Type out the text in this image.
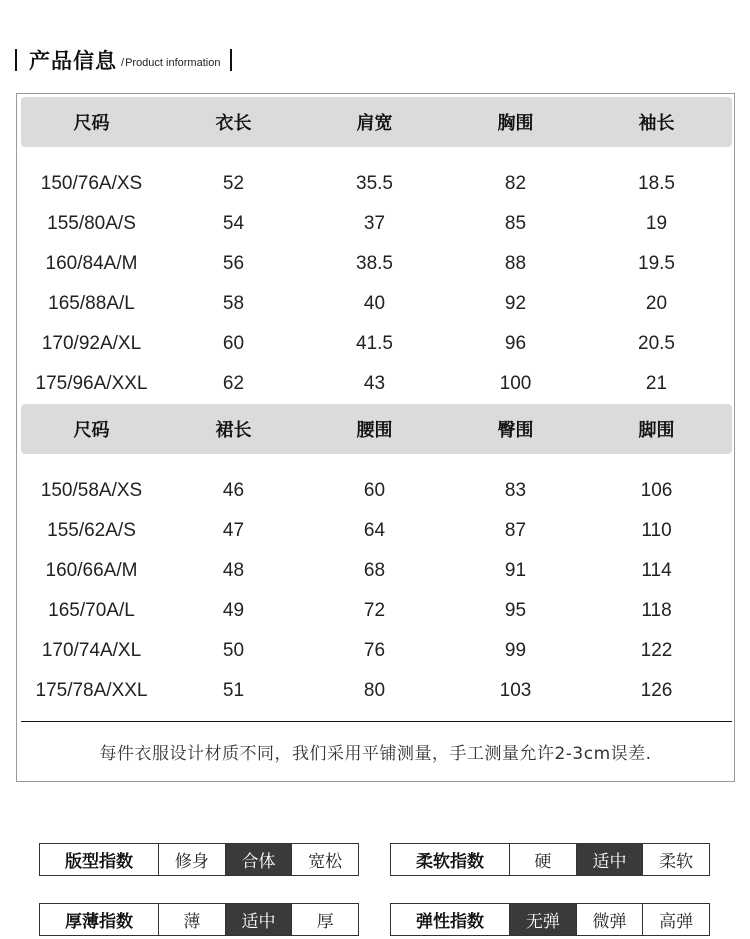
产品信息 / Product information
尺码	衣长	肩宽	胸围	袖长
150/76A/XS	52	35.5	82	18.5
155/80A/S	54	37	85	19
160/84A/M	56	38.5	88	19.5
165/88A/L	58	40	92	20
170/92A/XL	60	41.5	96	20.5
175/96A/XXL	62	43	100	21
尺码	裙长	腰围	臀围	脚围
150/58A/XS	46	60	83	106
155/62A/S	47	64	87	110
160/66A/M	48	68	91	114
165/70A/L	49	72	95	118
170/74A/XL	50	76	99	122
175/78A/XXL	51	80	103	126
每件衣服设计材质不同，我们采用平铺测量，手工测量允许2-3cm误差.
版型指数	修身	合体	宽松	柔软指数	硬	适中	柔软
厚薄指数	薄	适中	厚	弹性指数	无弹	微弹	高弹
